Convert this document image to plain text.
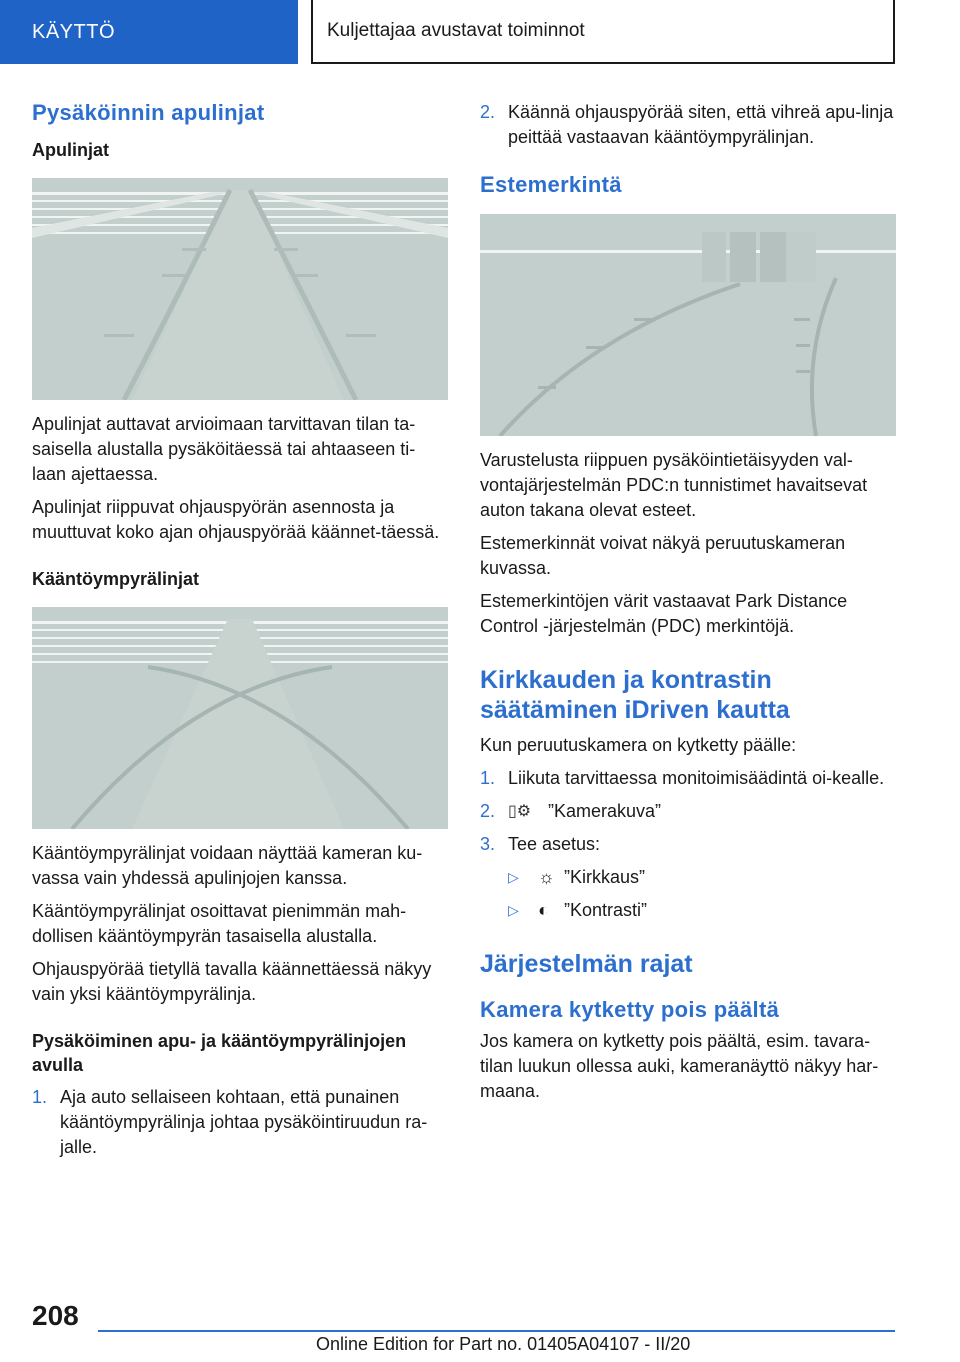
KÄYTTÖ	Kuljettajaa avustavat toiminnot
Pysäköinnin apulinjat
Apulinjat

Apulinjat auttavat arvioimaan tarvittavan tilan ta-saisella alustalla pysäköitäessä tai ahtaaseen ti-laan ajettaessa.

Apulinjat riippuvat ohjauspyörän asennosta ja muuttuvat koko ajan ohjauspyörää käännet-täessä.

Kääntöympyrälinjat

Kääntöympyrälinjat voidaan näyttää kameran ku-vassa vain yhdessä apulinjojen kanssa.

Kääntöympyrälinjat osoittavat pienimmän mah-dollisen kääntöympyrän tasaisella alustalla.

Ohjauspyörää tietyllä tavalla käännettäessä näkyy vain yksi kääntöympyrälinja.

Pysäköiminen apu- ja kääntöympyrälinjojen avulla
1. Aja auto sellaiseen kohtaan, että punainen kääntöympyrälinja johtaa pysäköintiruudun ra-jalle.
2. Käännä ohjauspyörää siten, että vihreä apu-linja peittää vastaavan kääntöympyrälinjan.
Estemerkintä

Varustelusta riippuen pysäköintietäisyyden val-vontajärjestelmän PDC:n tunnistimet havaitsevat auton takana olevat esteet.

Estemerkinnät voivat näkyä peruutuskameran kuvassa.

Estemerkintöjen värit vastaavat Park Distance Control -järjestelmän (PDC) merkintöjä.

Kirkkauden ja kontrastin säätäminen iDriven kautta

Kun peruutuskamera on kytketty päälle:

1. Liikuta tarvittaessa monitoimisäädintä oi-kealle.
2. ▯⚙ ”Kamerakuva”
3. Tee asetus:
▷	☼ ”Kirkkaus”
▷	◐ ”Kontrasti”
Järjestelmän rajat
Kamera kytketty pois päältä

Jos kamera on kytketty pois päältä, esim. tavara-tilan luukun ollessa auki, kameranäyttö näkyy har-maana.

208
Online Edition for Part no. 01405A04107 - II/20
